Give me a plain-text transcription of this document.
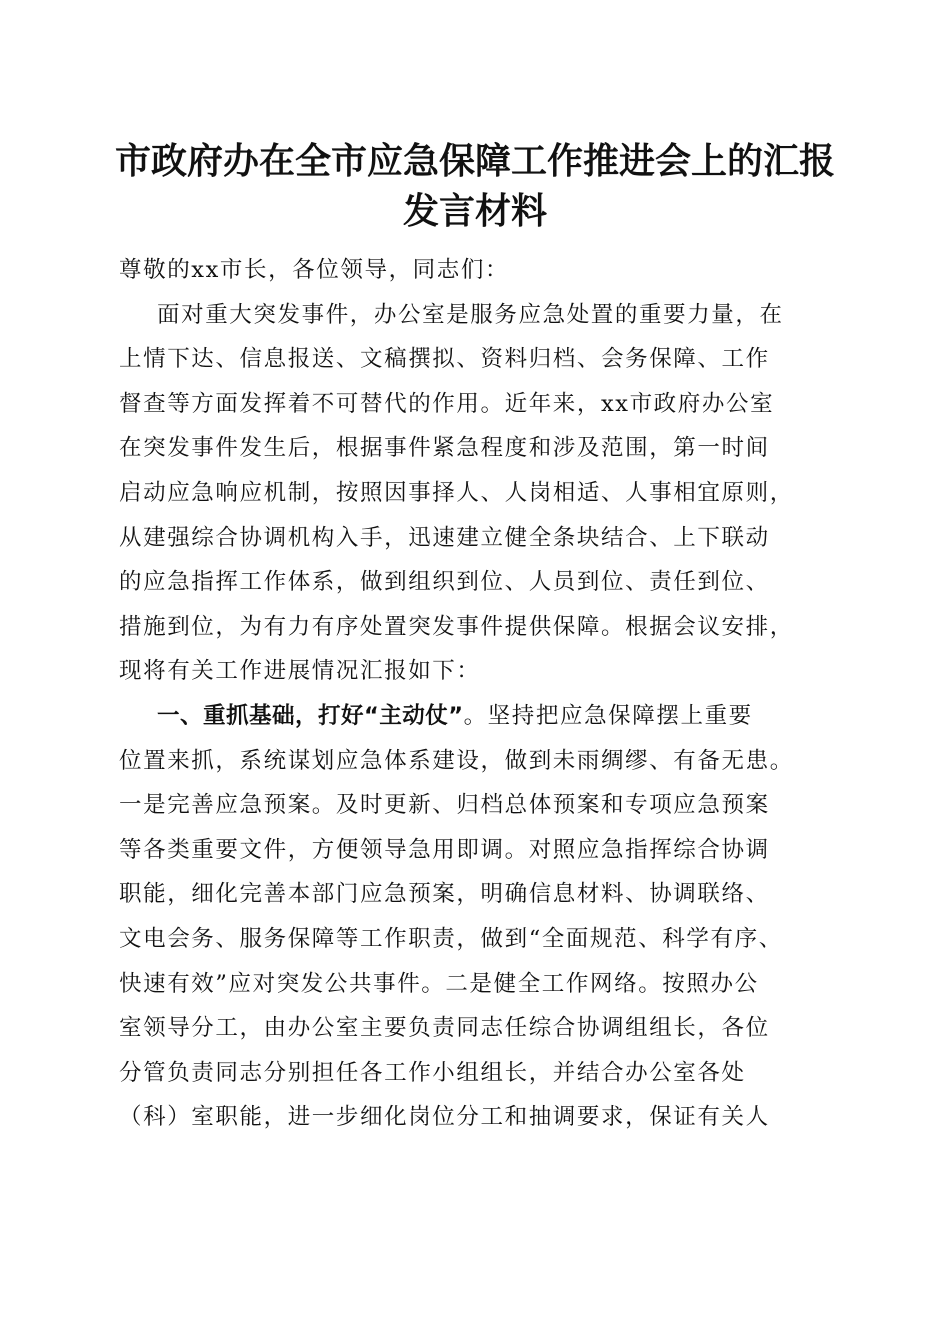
市政府办在全市应急保障工作推进会上的汇报
发言材料
尊敬的xx市长，各位领导，同志们：
面对重大突发事件，办公室是服务应急处置的重要力量，在
上情下达、信息报送、文稿撰拟、资料归档、会务保障、工作
督查等方面发挥着不可替代的作用。近年来，xx市政府办公室
在突发事件发生后，根据事件紧急程度和涉及范围，第一时间
启动应急响应机制，按照因事择人、人岗相适、人事相宜原则，
从建强综合协调机构入手，迅速建立健全条块结合、上下联动
的应急指挥工作体系，做到组织到位、人员到位、责任到位、
措施到位，为有力有序处置突发事件提供保障。根据会议安排，
现将有关工作进展情况汇报如下：
一、重抓基础，打好“主动仗”。坚持把应急保障摆上重要
位置来抓，系统谋划应急体系建设，做到未雨绸缪、有备无患。
一是完善应急预案。及时更新、归档总体预案和专项应急预案
等各类重要文件，方便领导急用即调。对照应急指挥综合协调
职能，细化完善本部门应急预案，明确信息材料、协调联络、
文电会务、服务保障等工作职责，做到“全面规范、科学有序、
快速有效”应对突发公共事件。二是健全工作网络。按照办公
室领导分工，由办公室主要负责同志任综合协调组组长，各位
分管负责同志分别担任各工作小组组长，并结合办公室各处
（科）室职能，进一步细化岗位分工和抽调要求，保证有关人
